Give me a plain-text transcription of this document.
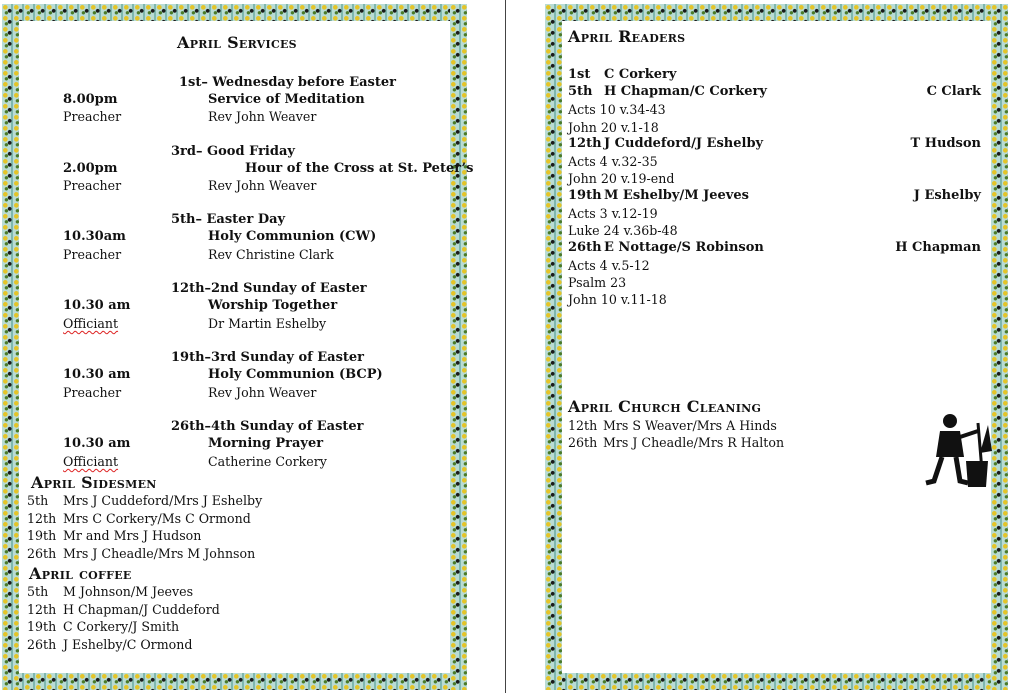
April Services
1st– Wednesday before Easter
8.00pm	Service of Meditation
Preacher	Rev John Weaver
3rd– Good Friday
2.00pm	Hour of the Cross at St. Peter’s
Preacher	Rev John Weaver
5th– Easter Day
10.30am	Holy Communion (CW)
Preacher	Rev Christine Clark
12th–2nd Sunday of Easter
10.30 am	Worship Together
Officiant	Dr Martin Eshelby
19th–3rd Sunday of Easter
10.30 am	Holy Communion (BCP)
Preacher	Rev John Weaver
26th–4th Sunday of Easter
10.30 am	Morning Prayer
Officiant	Catherine Corkery
April Sidesmen
5th Mrs J Cuddeford/Mrs J Eshelby
12th Mrs C Corkery/Ms C Ormond
19th Mr and Mrs J Hudson
26th Mrs J Cheadle/Mrs M Johnson
April coffee
5th M Johnson/M Jeeves
12th H Chapman/J Cuddeford
19th C Corkery/J Smith
26th J Eshelby/C Ormond
April Readers
1st C Corkery
5th H Chapman/C Corkery	C Clark
Acts 10 v.34-43
John 20 v.1-18
12th J Cuddeford/J Eshelby	T Hudson
Acts 4 v.32-35
John 20 v.19-end
19th M Eshelby/M Jeeves	J Eshelby
Acts 3 v.12-19
Luke 24 v.36b-48
26th E Nottage/S Robinson	H Chapman
Acts 4 v.5-12
Psalm 23
John 10 v.11-18
April Church Cleaning
12th Mrs S Weaver/Mrs A Hinds
26th Mrs J Cheadle/Mrs R Halton
